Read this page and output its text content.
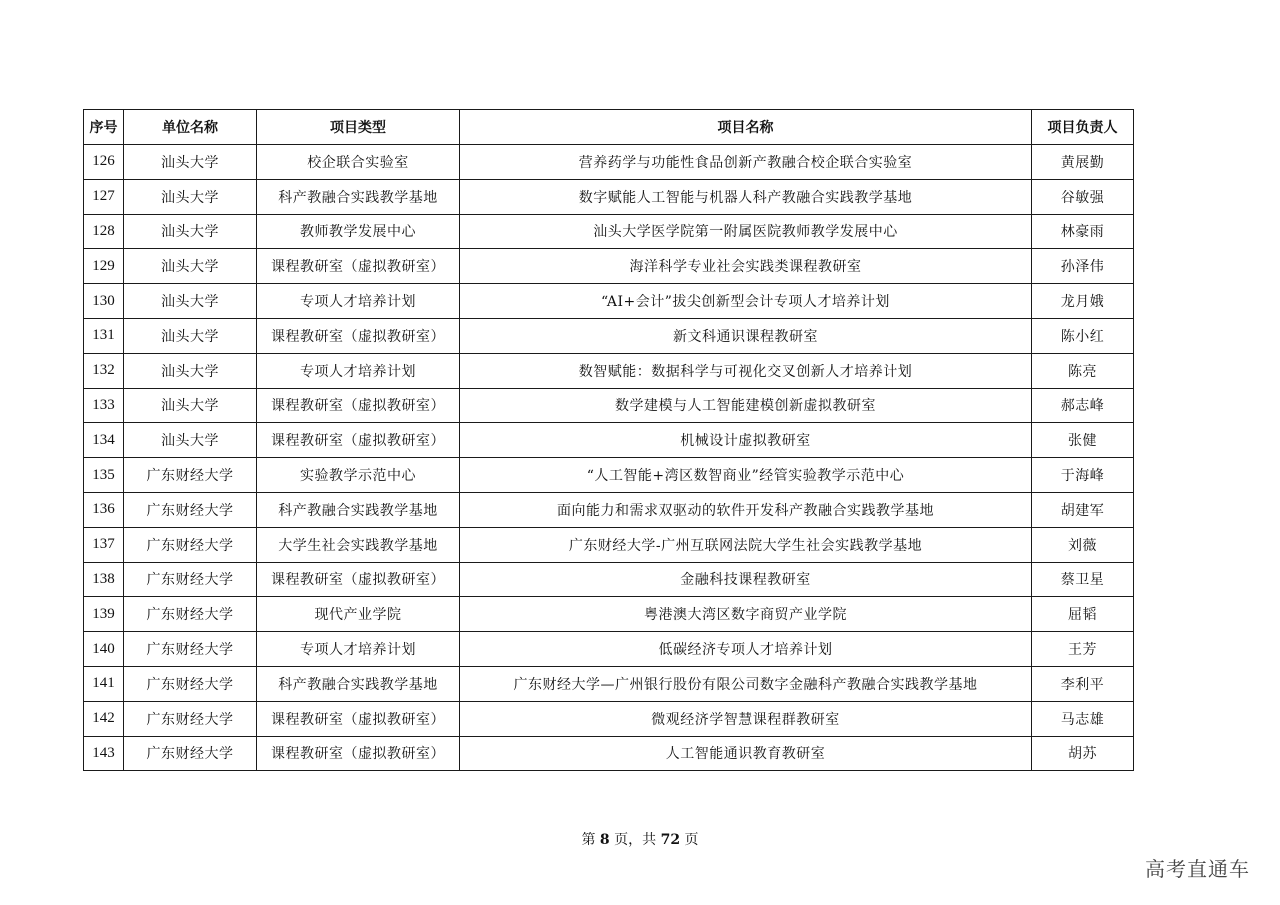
序号	单位名称	项目类型	项目名称	项目负责人
126	汕头大学	校企联合实验室	营养药学与功能性食品创新产教融合校企联合实验室	黄展勤
127	汕头大学	科产教融合实践教学基地	数字赋能人工智能与机器人科产教融合实践教学基地	谷敏强
128	汕头大学	教师教学发展中心	汕头大学医学院第一附属医院教师教学发展中心	林豪雨
129	汕头大学	课程教研室（虚拟教研室）	海洋科学专业社会实践类课程教研室	孙泽伟
130	汕头大学	专项人才培养计划	“AI+会计”拔尖创新型会计专项人才培养计划	龙月娥
131	汕头大学	课程教研室（虚拟教研室）	新文科通识课程教研室	陈小红
132	汕头大学	专项人才培养计划	数智赋能：数据科学与可视化交叉创新人才培养计划	陈亮
133	汕头大学	课程教研室（虚拟教研室）	数学建模与人工智能建模创新虚拟教研室	郝志峰
134	汕头大学	课程教研室（虚拟教研室）	机械设计虚拟教研室	张健
135	广东财经大学	实验教学示范中心	“人工智能+湾区数智商业”经管实验教学示范中心	于海峰
136	广东财经大学	科产教融合实践教学基地	面向能力和需求双驱动的软件开发科产教融合实践教学基地	胡建军
137	广东财经大学	大学生社会实践教学基地	广东财经大学-广州互联网法院大学生社会实践教学基地	刘薇
138	广东财经大学	课程教研室（虚拟教研室）	金融科技课程教研室	蔡卫星
139	广东财经大学	现代产业学院	粤港澳大湾区数字商贸产业学院	屈韬
140	广东财经大学	专项人才培养计划	低碳经济专项人才培养计划	王芳
141	广东财经大学	科产教融合实践教学基地	广东财经大学—广州银行股份有限公司数字金融科产教融合实践教学基地	李利平
142	广东财经大学	课程教研室（虚拟教研室）	微观经济学智慧课程群教研室	马志雄
143	广东财经大学	课程教研室（虚拟教研室）	人工智能通识教育教研室	胡苏
第 8 页，共 72 页
高考直通车
